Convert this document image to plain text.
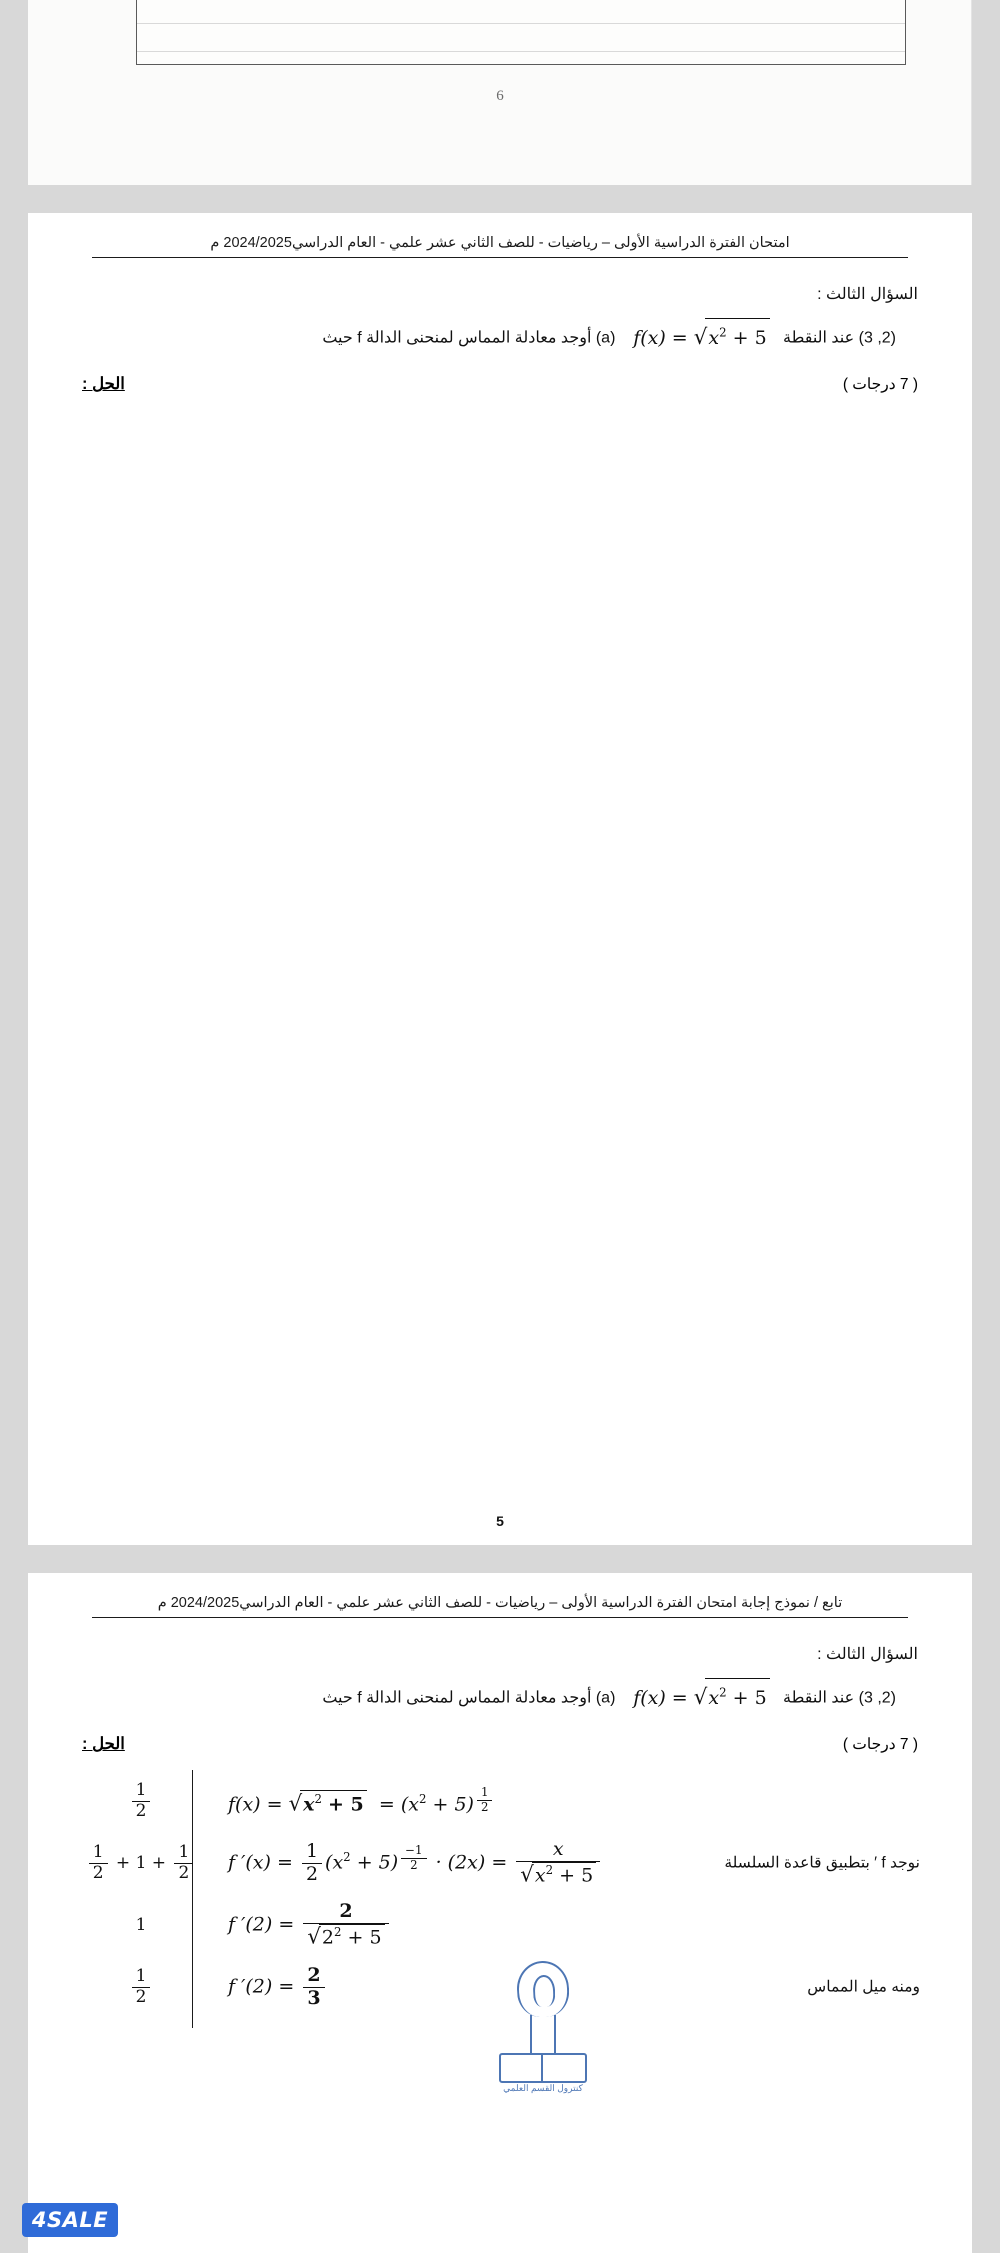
6
امتحان الفترة الدراسية الأولى – رياضيات - للصف الثاني عشر علمي - العام الدراسي2024/2025 م
السؤال الثالث :
(2, 3) عند النقطة   $f(x) = √x^2 + 5$    (a) أوجد معادلة المماس لمنحنى الدالة f حيث
( 7 درجات )
الحل :
5
تابع / نموذج إجابة امتحان الفترة الدراسية الأولى – رياضيات - للصف الثاني عشر علمي - العام الدراسي2024/2025 م
السؤال الثالث :
(2, 3) عند النقطة   $f(x) = √x^2 + 5$    (a) أوجد معادلة المماس لمنحنى الدالة f حيث
( 7 درجات )
الحل :
$\frac{1}{2}$	$f(x) = √x^2 + 5 = (x^2 + 5)$ $^{\frac{1}{2}}$
$\frac{1}{2} + 1 + \frac{1}{2}$	f $'(x) = \frac{1}{2} (x^2 + 5) ^{\frac{-1}{2}} \cdot (2x) = \frac{x}{√x^2 + 5}$	نوجد f ′ بتطبيق قاعدة السلسلة
1	f $'(2) = \frac{2}{√2^2 + 5}$
$\frac{1}{2}$	f $'(2) = \frac{2}{3}$	ومنه ميل المماس
كنترول القسم العلمي
4SALE
